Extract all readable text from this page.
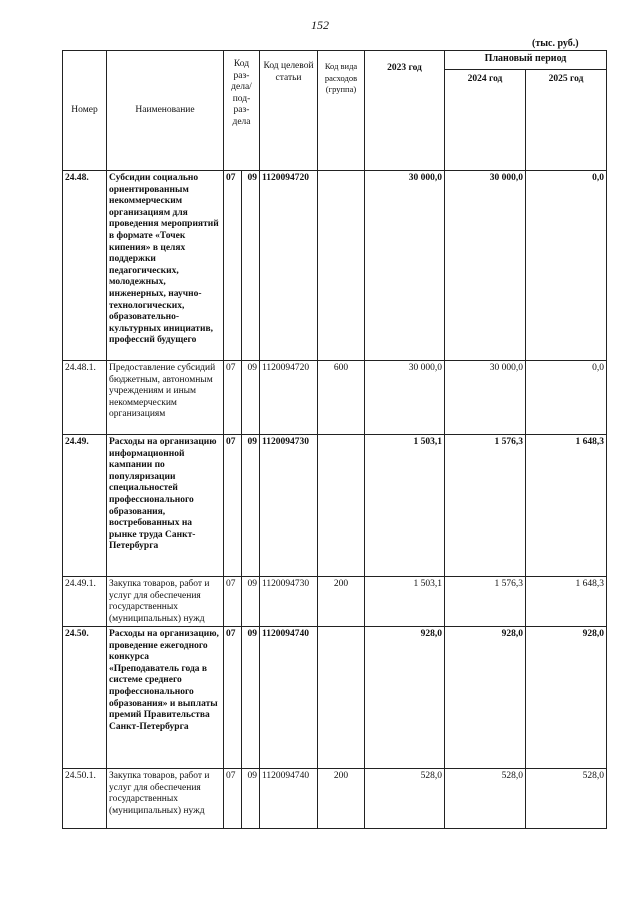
152
(тыс. руб.)
Номер	Наименование	Код раз-дела/ под-раз-дела		Код целевой статьи	Код вида расходов (группа)	2023 год	Плановый период	
							2024 год	2025 год
24.48.	Субсидии социально ориентированным некоммерческим организациям для проведения мероприятий в формате «Точек кипения» в целях поддержки педагогических, молодежных, инженерных, научно-технологических, образовательно-культурных инициатив, профессий будущего	07	09	1120094720		30 000,0	30 000,0	0,0
24.48.1.	Предоставление субсидий бюджетным, автономным учреждениям и иным некоммерческим организациям	07	09	1120094720	600	30 000,0	30 000,0	0,0
24.49.	Расходы на организацию информационной кампании по популяризации специальностей профессионального образования, востребованных на рынке труда Санкт-Петербурга	07	09	1120094730		1 503,1	1 576,3	1 648,3
24.49.1.	Закупка товаров, работ и услуг для обеспечения государственных (муниципальных) нужд	07	09	1120094730	200	1 503,1	1 576,3	1 648,3
24.50.	Расходы на организацию, проведение ежегодного конкурса «Преподаватель года в системе среднего профессионального образования» и выплаты премий Правительства Санкт-Петербурга	07	09	1120094740		928,0	928,0	928,0
24.50.1.	Закупка товаров, работ и услуг для обеспечения государственных (муниципальных) нужд	07	09	1120094740	200	528,0	528,0	528,0
